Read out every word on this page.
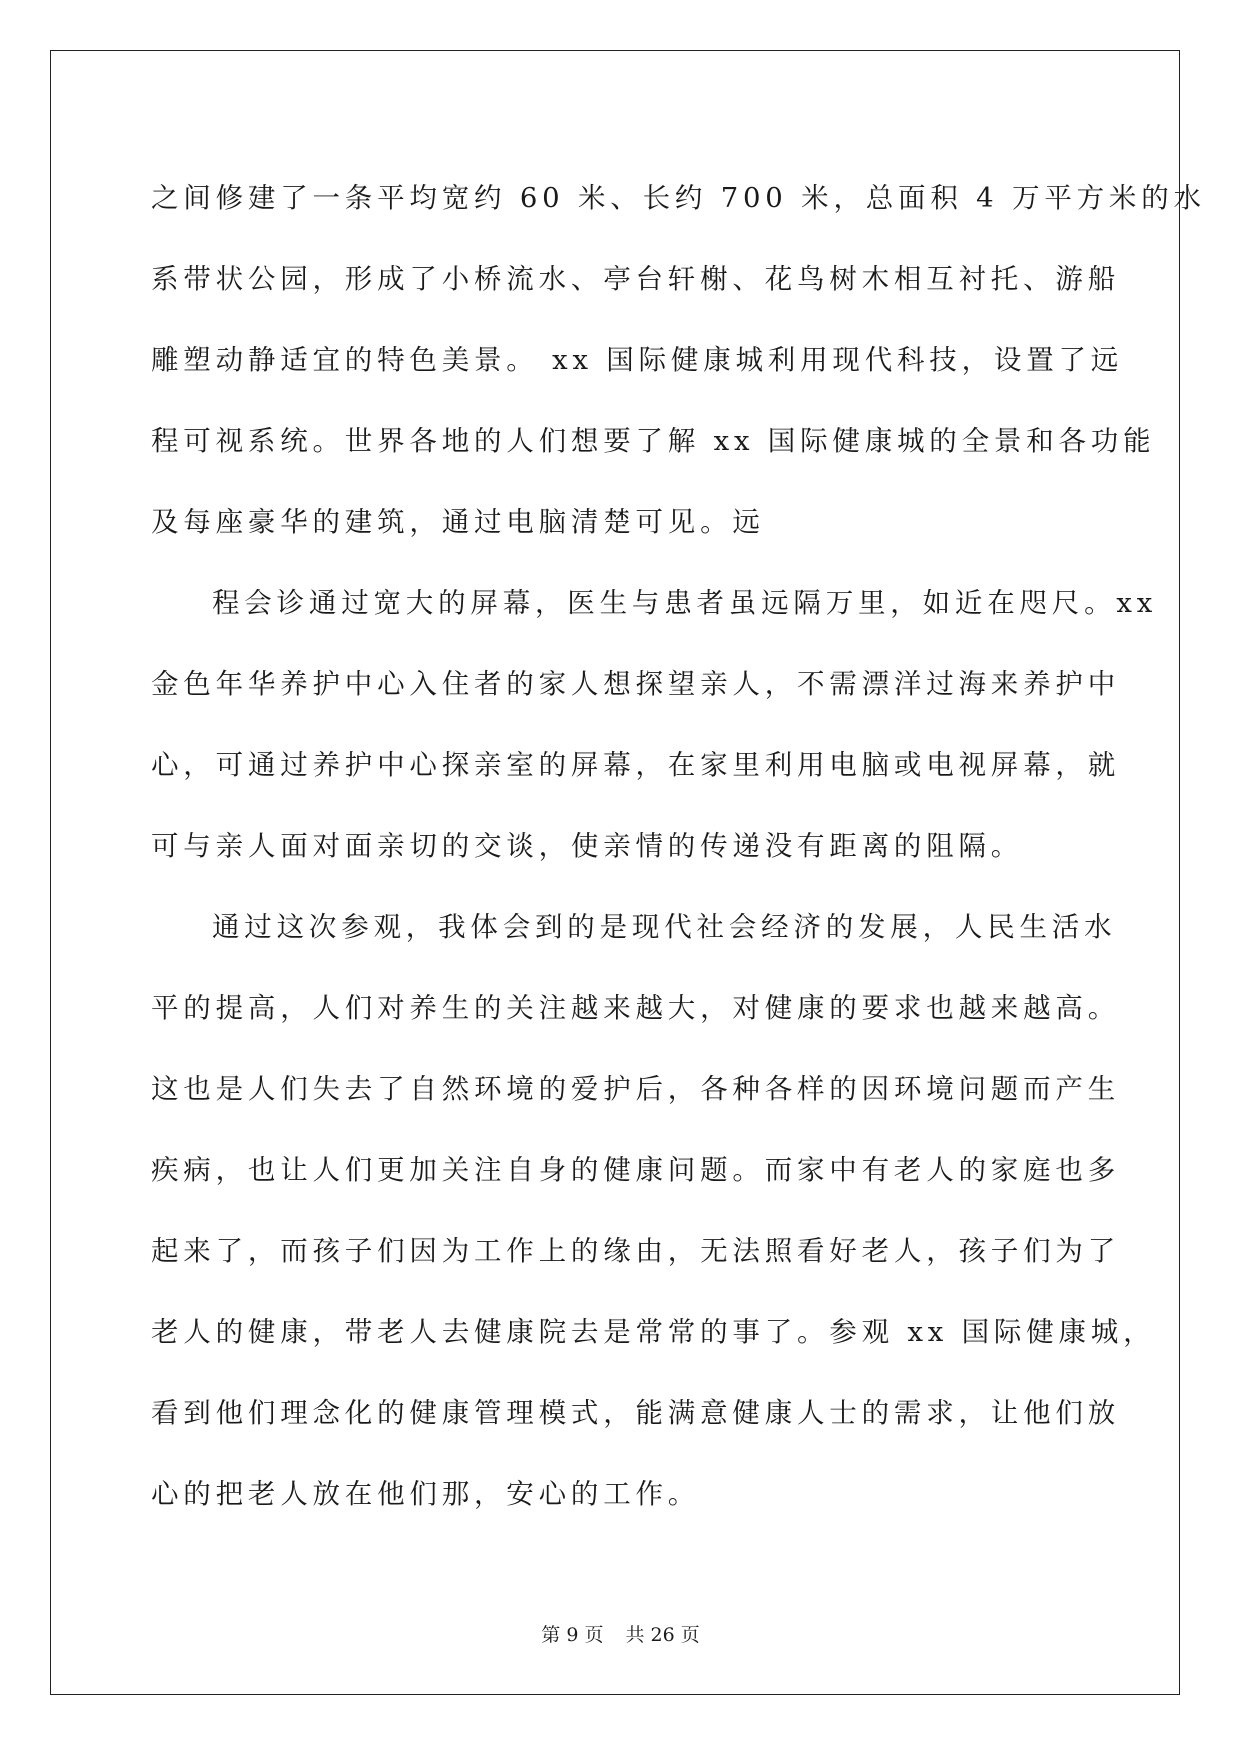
之间修建了一条平均宽约 60 米、长约 700 米，总面积 4 万平方米的水

系带状公园，形成了小桥流水、亭台轩榭、花鸟树木相互衬托、游船

雕塑动静适宜的特色美景。 xx 国际健康城利用现代科技，设置了远

程可视系统。世界各地的人们想要了解 xx 国际健康城的全景和各功能

及每座豪华的建筑，通过电脑清楚可见。远

程会诊通过宽大的屏幕，医生与患者虽远隔万里，如近在咫尺。xx

金色年华养护中心入住者的家人想探望亲人，不需漂洋过海来养护中

心，可通过养护中心探亲室的屏幕，在家里利用电脑或电视屏幕，就

可与亲人面对面亲切的交谈，使亲情的传递没有距离的阻隔。

通过这次参观，我体会到的是现代社会经济的发展，人民生活水

平的提高，人们对养生的关注越来越大，对健康的要求也越来越高。

这也是人们失去了自然环境的爱护后，各种各样的因环境问题而产生

疾病，也让人们更加关注自身的健康问题。而家中有老人的家庭也多

起来了，而孩子们因为工作上的缘由，无法照看好老人，孩子们为了

老人的健康，带老人去健康院去是常常的事了。参观 xx 国际健康城，

看到他们理念化的健康管理模式，能满意健康人士的需求，让他们放

心的把老人放在他们那，安心的工作。

第 9 页 共 26 页
